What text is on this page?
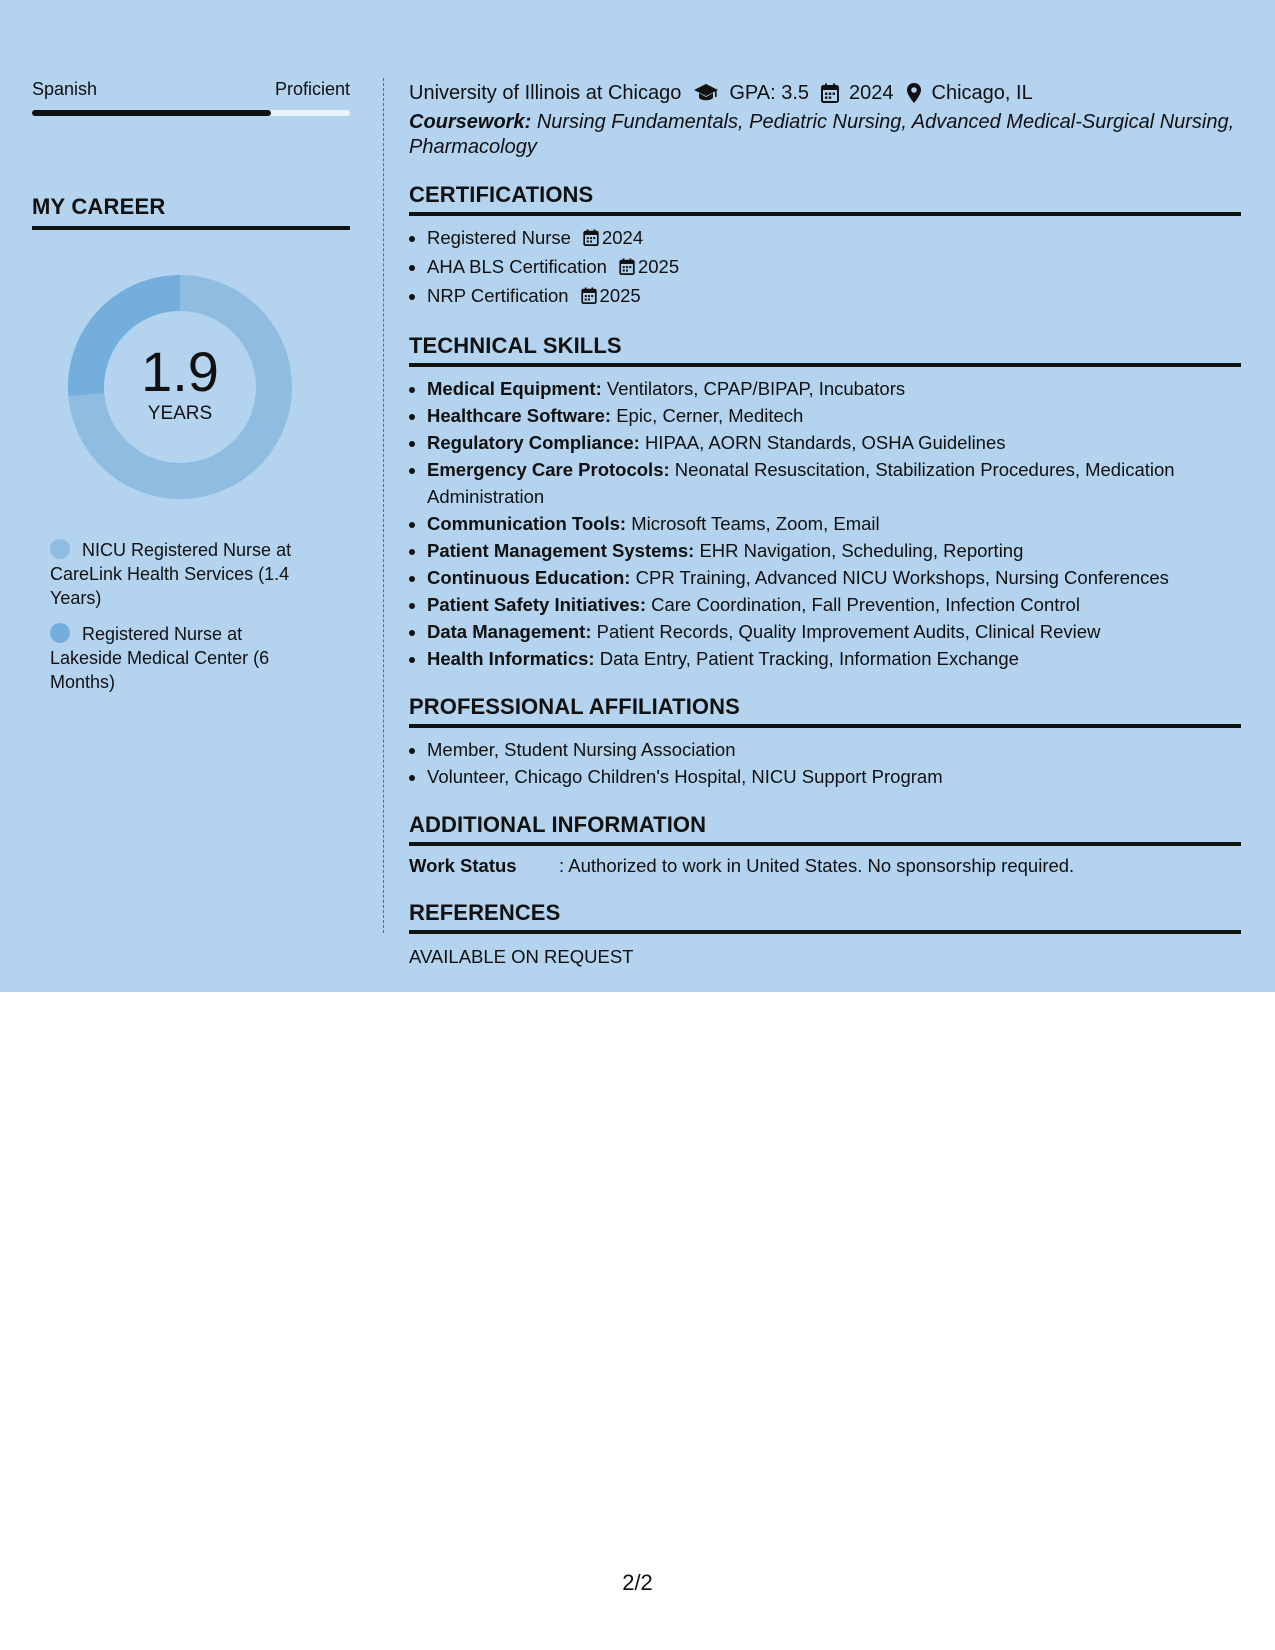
Spanish	Proficient
MY CAREER
1.9
YEARS
NICU Registered Nurse at CareLink Health Services (1.4 Years)
Registered Nurse at Lakeside Medical Center (6 Months)
University of Illinois at Chicago GPA: 3.5 2024 Chicago, IL
Coursework: Nursing Fundamentals, Pediatric Nursing, Advanced Medical-Surgical Nursing, Pharmacology
CERTIFICATIONS
• Registered Nurse 2024
• AHA BLS Certification 2025
• NRP Certification 2025
TECHNICAL SKILLS
• Medical Equipment: Ventilators, CPAP/BIPAP, Incubators
• Healthcare Software: Epic, Cerner, Meditech
• Regulatory Compliance: HIPAA, AORN Standards, OSHA Guidelines
• Emergency Care Protocols: Neonatal Resuscitation, Stabilization Procedures, Medication Administration
• Communication Tools: Microsoft Teams, Zoom, Email
• Patient Management Systems: EHR Navigation, Scheduling, Reporting
• Continuous Education: CPR Training, Advanced NICU Workshops, Nursing Conferences
• Patient Safety Initiatives: Care Coordination, Fall Prevention, Infection Control
• Data Management: Patient Records, Quality Improvement Audits, Clinical Review
• Health Informatics: Data Entry, Patient Tracking, Information Exchange
PROFESSIONAL AFFILIATIONS
• Member, Student Nursing Association
• Volunteer, Chicago Children's Hospital, NICU Support Program
ADDITIONAL INFORMATION
Work Status	: Authorized to work in United States. No sponsorship required.
REFERENCES
AVAILABLE ON REQUEST
2/2
